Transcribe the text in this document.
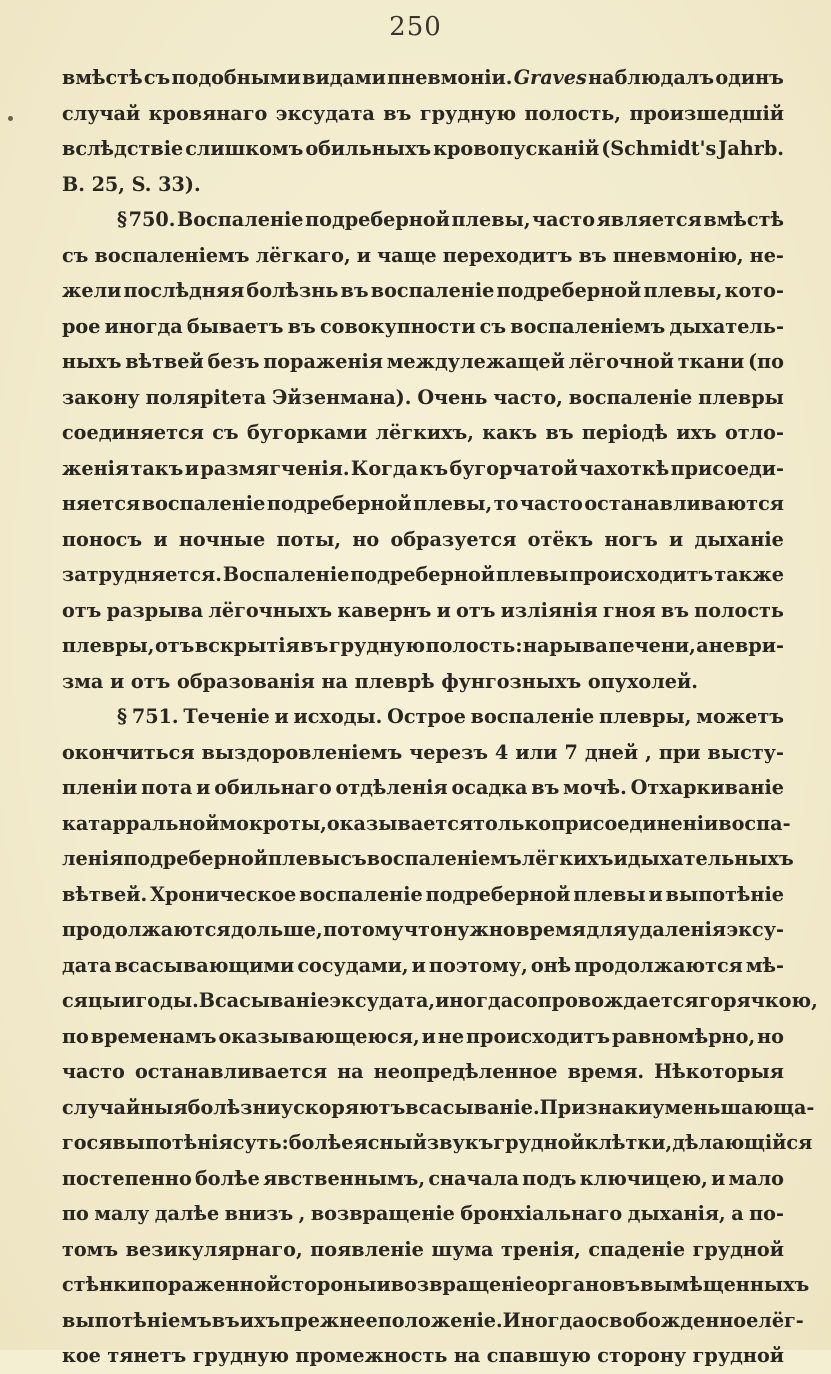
250
вмѣстѣ съ подобными видами пневмоніи. Graves наблюдалъ одинъ
случай кровянаго эксудата въ грудную полость, произшедшій
вслѣдствіе слишкомъ обильныхъ кровопусканій (Schmidt's Jahrb.
B. 25, S. 33).
§ 750. Воспаленіе подреберной плевы, часто является вмѣстѣ
съ воспаленіемъ лёгкаго, и чаще переходитъ въ пневмонію, не-
жели послѣдняя болѣзнь въ воспаленіе подреберной плевы, кото-
рое иногда бываетъ въ совокупности съ воспаленіемъ дыхатель-
ныхъ вѣтвей безъ пораженія междулежащей лёгочной ткани (по
закону полярitета Эйзенмана). Очень часто, воспаленіе плевры
соединяется съ бугорками лёгкихъ, какъ въ періодѣ ихъ отло-
женія такъ и размягченія. Когда къ бугорчатой чахоткѣ присоеди-
няется воспаленіе подреберной плевы, то часто останавливаются
поносъ и ночные поты, но образуется отёкъ ногъ и дыханіе
затрудняется. Воспаленіе подреберной плевы происходитъ также
отъ разрыва лёгочныхъ кавернъ и отъ изліянія гноя въ полость
плевры, отъ вскрытія въ грудную полость: нарыва печени, аневри-
зма и отъ образованія на плеврѣ фунгозныхъ опухолей.
§ 751. Теченіе и исходы. Острое воспаленіе плевры, можетъ
окончиться выздоровленіемъ черезъ 4 или 7 дней , при высту-
пленіи пота и обильнаго отдѣленія осадка въ мочѣ. Отхаркиваніе
катарральной мокроты, оказывается только при соединеніи воспа-
ленія подреберной плевы съ воспаленіемъ лёгкихъ и дыхательныхъ
вѣтвей. Хроническое воспаленіе подреберной плевы и выпотѣніе
продолжаются дольше, потому что нужно время для удаленія эксу-
дата всасывающими сосудами, и поэтому, онѣ продолжаются мѣ-
сяцы и годы. Всасываніе эксудата, иногда сопровождается горячкою,
по временамъ оказывающеюся, и не происходитъ равномѣрно, но
часто останавливается на неопредѣленное время. Нѣкоторыя
случайныя болѣзни ускоряютъ всасываніе. Признаки уменьшающа-
гося выпотѣнія суть: болѣе ясный звукъ грудной клѣтки, дѣлающійся
постепенно болѣе явственнымъ, сначала подъ ключицею, и мало
по малу далѣе внизъ , возвращеніе бронхіальнаго дыханія, а по-
томъ везикулярнаго, появленіе шума тренія, спаденіе грудной
стѣнки пораженной стороны и возвращеніе органовъ вымѣщенныхъ
выпотѣніемъ въ ихъ прежнее положеніе. Иногда освобожденное лёг-
кое тянетъ грудную промежность на спавшую сторону грудной
